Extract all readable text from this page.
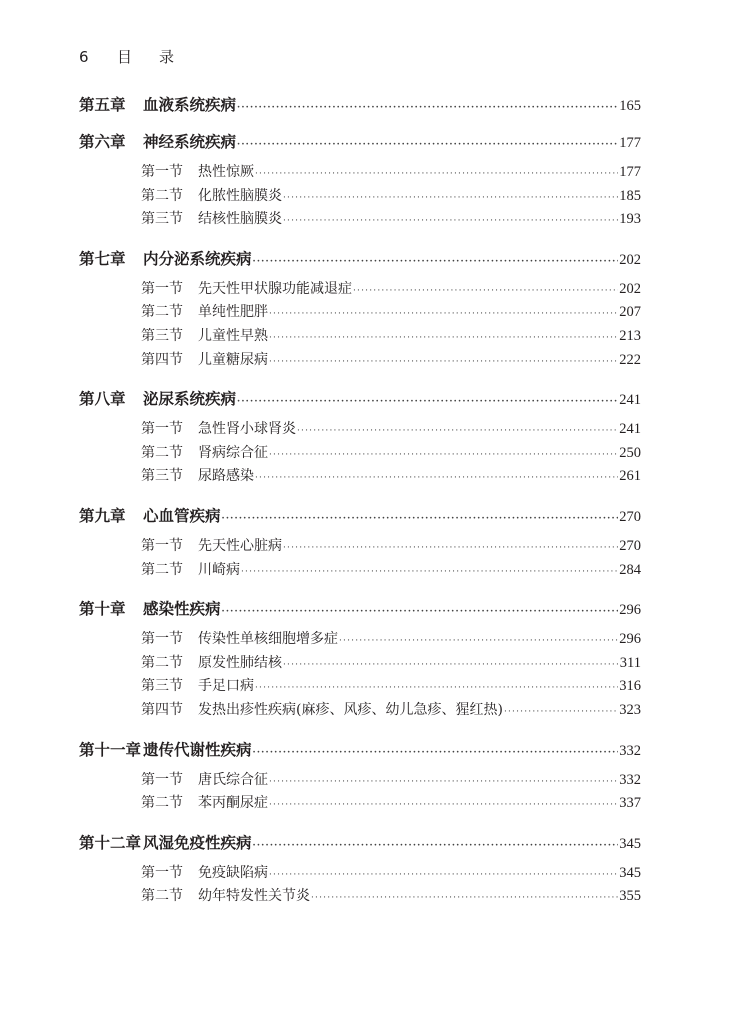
6 目 录
第五章	血液系统疾病 ·····	165
第六章	神经系统疾病 ·····	177
第一节	热性惊厥 ·····	177
第二节	化脓性脑膜炎 ·····	185
第三节	结核性脑膜炎 ·····	193
第七章	内分泌系统疾病 ·····	202
第一节	先天性甲状腺功能减退症 ·····	202
第二节	单纯性肥胖 ·····	207
第三节	儿童性早熟 ·····	213
第四节	儿童糖尿病 ·····	222
第八章	泌尿系统疾病 ·····	241
第一节	急性肾小球肾炎 ·····	241
第二节	肾病综合征 ·····	250
第三节	尿路感染 ·····	261
第九章	心血管疾病 ·····	270
第一节	先天性心脏病 ·····	270
第二节	川崎病 ·····	284
第十章	感染性疾病 ·····	296
第一节	传染性单核细胞增多症 ·····	296
第二节	原发性肺结核 ·····	311
第三节	手足口病 ·····	316
第四节	发热出疹性疾病(麻疹、风疹、幼儿急疹、猩红热) ·····	323
第十一章 遗传代谢性疾病 ·····	332
第一节	唐氏综合征 ·····	332
第二节	苯丙酮尿症 ·····	337
第十二章 风湿免疫性疾病 ·····	345
第一节	免疫缺陷病 ·····	345
第二节	幼年特发性关节炎 ·····	355
